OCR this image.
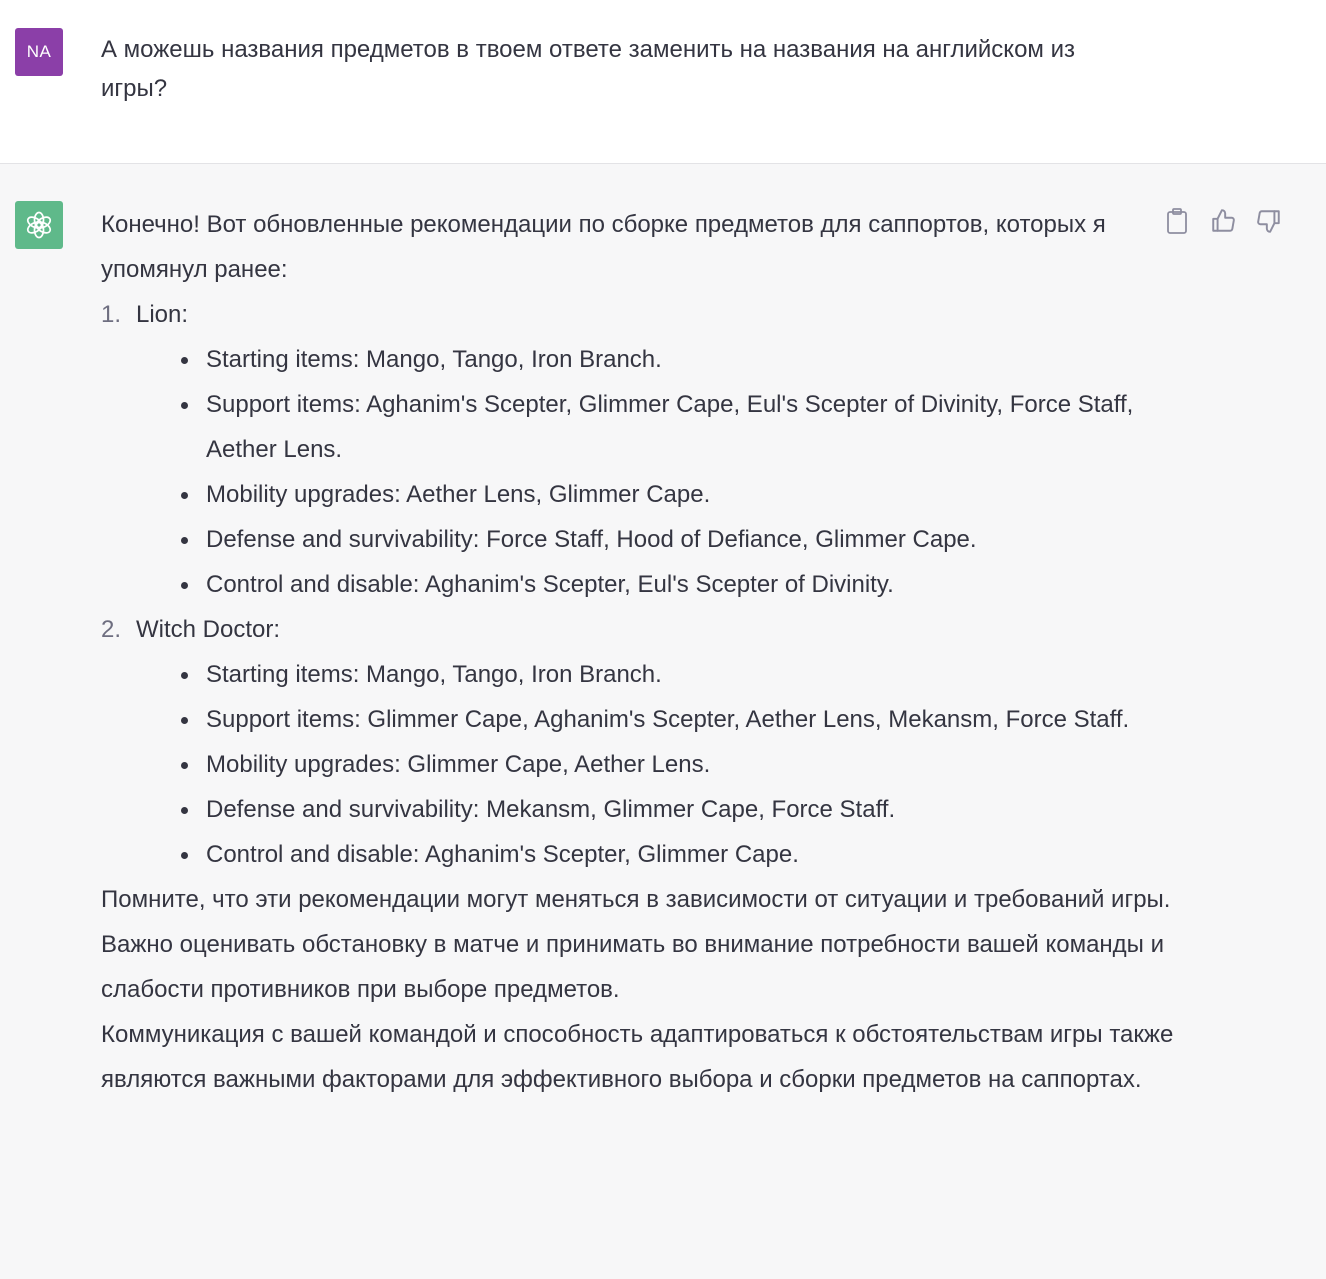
NA А можешь названия предметов в твоем ответе заменить на названия на английском из игры?

Конечно! Вот обновленные рекомендации по сборке предметов для саппортов, которых я упомянул ранее:

1. Lion:
Starting items: Mango, Tango, Iron Branch.
Support items: Aghanim's Scepter, Glimmer Cape, Eul's Scepter of Divinity, Force Staff, Aether Lens.
Mobility upgrades: Aether Lens, Glimmer Cape.
Defense and survivability: Force Staff, Hood of Defiance, Glimmer Cape.
Control and disable: Aghanim's Scepter, Eul's Scepter of Divinity.
2. Witch Doctor:
Starting items: Mango, Tango, Iron Branch.
Support items: Glimmer Cape, Aghanim's Scepter, Aether Lens, Mekansm, Force Staff.
Mobility upgrades: Glimmer Cape, Aether Lens.
Defense and survivability: Mekansm, Glimmer Cape, Force Staff.
Control and disable: Aghanim's Scepter, Glimmer Cape.

Помните, что эти рекомендации могут меняться в зависимости от ситуации и требований игры. Важно оценивать обстановку в матче и принимать во внимание потребности вашей команды и слабости противников при выборе предметов.

Коммуникация с вашей командой и способность адаптироваться к обстоятельствам игры также являются важными факторами для эффективного выбора и сборки предметов на саппортах.
